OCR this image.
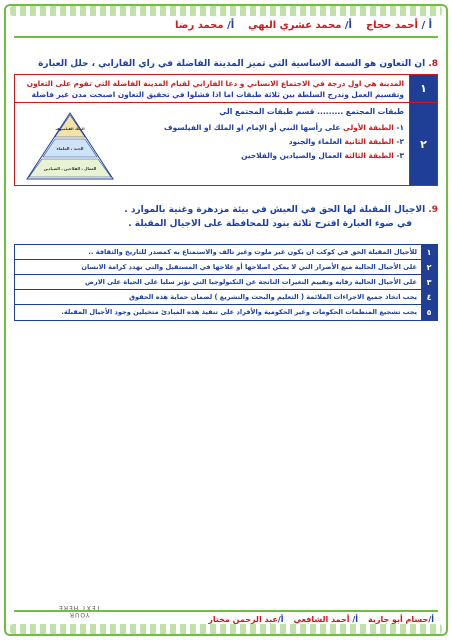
أ / أحمد حجاج
أ/ محمد عشري البهي
أ/ محمد رضا
8. ان التعاون هو السمة الاساسية التي تميز المدينة الفاضلة في راي الفارابي ، حلل العبارة
١
المدينة هي اول درجة في الاجتماع الانساني و دعا الفارابي لقيام المدينة الفاضلة التي تقوم على التعاون
وتقسيم العمل وتدرج السلطة بين ثلاثة طبقات اما اذا فشلوا في تحقيق التعاون اصبحت مدن غير فاضلة
٢
طبقات المجتمع ......... قسم طبقات المجتمع الي
١- الطبقة الأولى على رأسها النبي أو الإمام او الملك او الفيلسوف
٢- الطبقة الثانية العلماء والجنود
٣- الطبقة الثالثة العمال والصيادين والفلاحين
الملك الفيلسوف
الجند ، العلماء
العمال ، الفلاحين ، الصيادين
9. الاجيال المقبلة لها الحق في العيش في بيئة مزدهرة وغنية بالموارد .
في ضوء العبارة اقترح ثلاثة بنود للمحافظة على الاجيال المقبلة .
١
للأجيال المقبلة الحق في كوكب ان يكون غير ملوث وغير تالف والاستمتاع به كمصدر للتاريخ والثقافة ..
٢
على الأجيال الحالية منع الأضرار التي لا يمكن اصلاحها أو علاجها في المستقبل والتي تهدد كرامة الانسان
٣
على الأجيال الحالية رقابه وتقييم التغيرات الناتجة عن التكنولوجيا التي تؤثر سلبا على الحياة على الارض
٤
يجب اتخاذ جميع الاجراءات الملائمة ( التعليم والبحث والتشريع ) لضمان حماية هذه الحقوق
٥
يجب تشجيع المنظمات الحكومات وغير الحكومية والأفراد على تنفيذ هذه المبادئ متخيلين وجود الأجيال المقبلة.
YOUR
TEXT HERE
أ/حسام أبو جازية
أ/ أحمد الشافعي
أ/عبد الرحمن مختار
